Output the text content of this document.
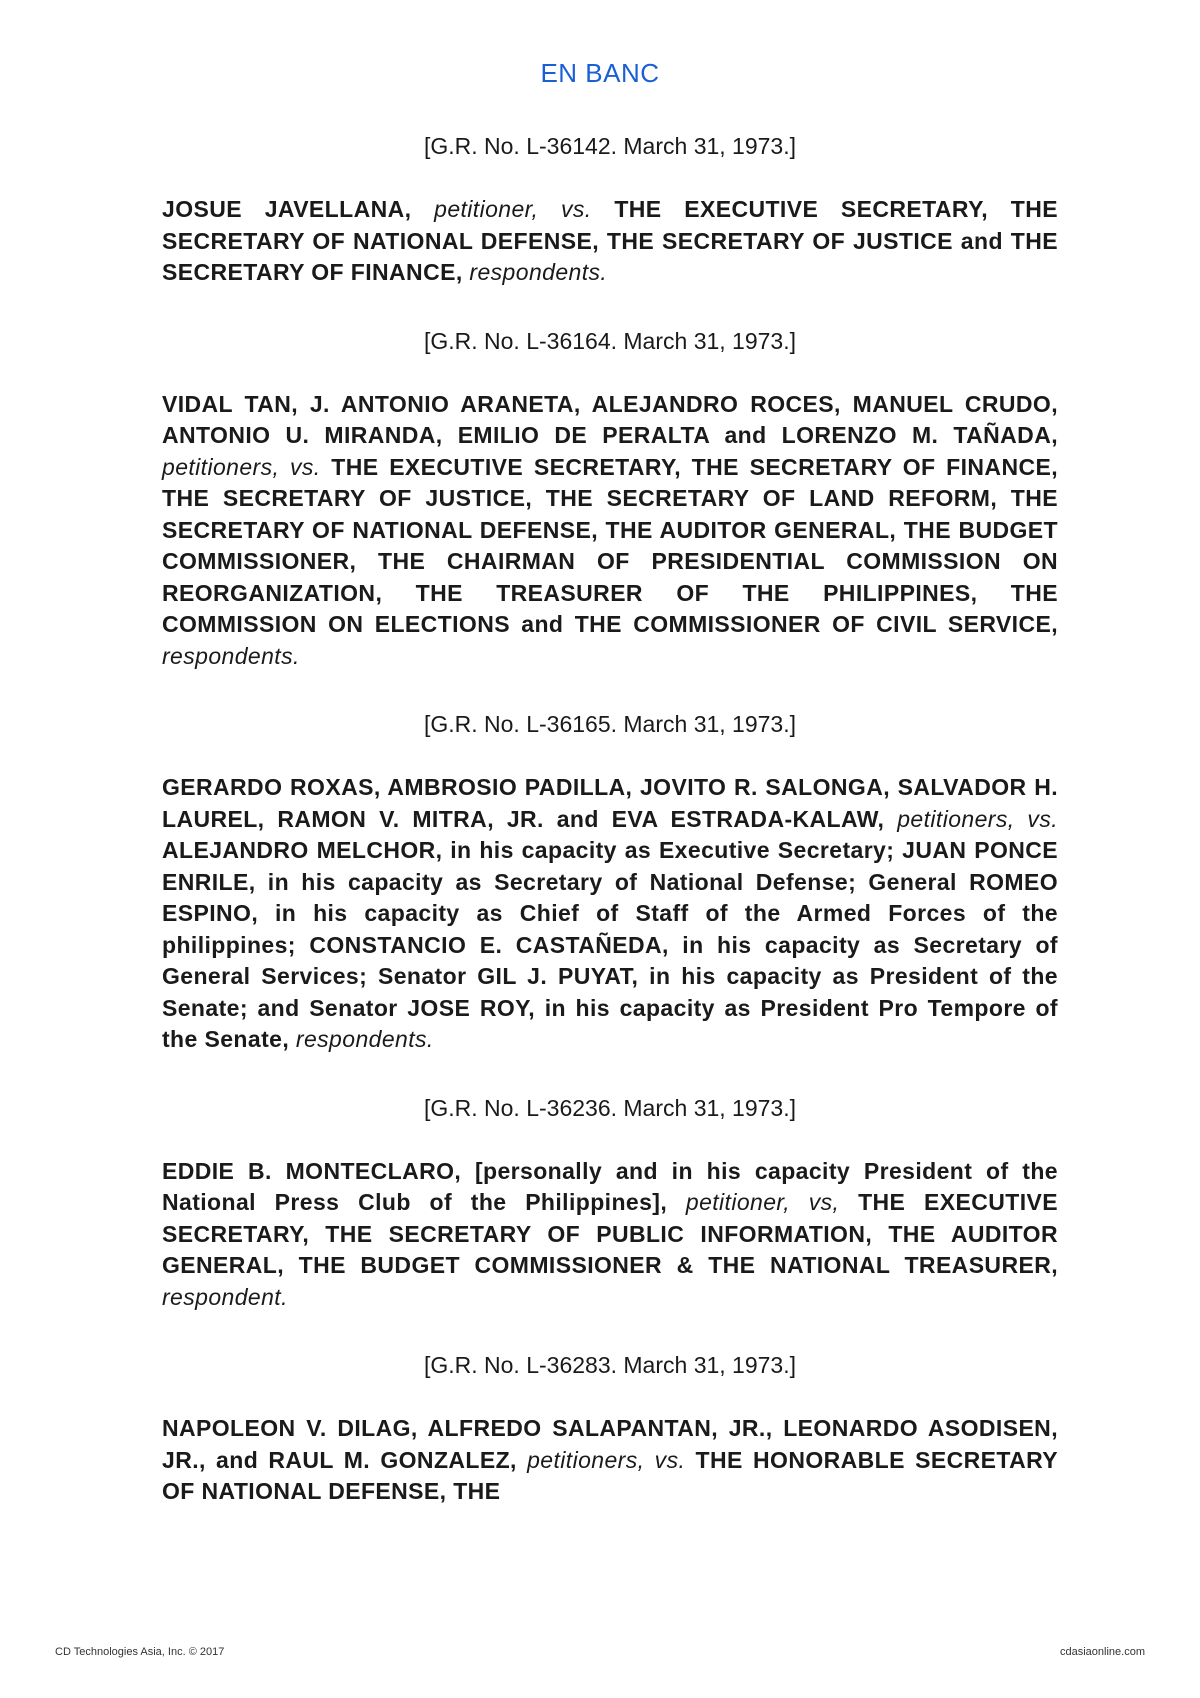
EN BANC
[G.R. No. L-36142. March 31, 1973.]
JOSUE JAVELLANA, petitioner, vs. THE EXECUTIVE SECRETARY, THE SECRETARY OF NATIONAL DEFENSE, THE SECRETARY OF JUSTICE and THE SECRETARY OF FINANCE, respondents.
[G.R. No. L-36164. March 31, 1973.]
VIDAL TAN, J. ANTONIO ARANETA, ALEJANDRO ROCES, MANUEL CRUDO, ANTONIO U. MIRANDA, EMILIO DE PERALTA and LORENZO M. TAÑADA, petitioners, vs. THE EXECUTIVE SECRETARY, THE SECRETARY OF FINANCE, THE SECRETARY OF JUSTICE, THE SECRETARY OF LAND REFORM, THE SECRETARY OF NATIONAL DEFENSE, THE AUDITOR GENERAL, THE BUDGET COMMISSIONER, THE CHAIRMAN OF PRESIDENTIAL COMMISSION ON REORGANIZATION, THE TREASURER OF THE PHILIPPINES, THE COMMISSION ON ELECTIONS and THE COMMISSIONER OF CIVIL SERVICE, respondents.
[G.R. No. L-36165. March 31, 1973.]
GERARDO ROXAS, AMBROSIO PADILLA, JOVITO R. SALONGA, SALVADOR H. LAUREL, RAMON V. MITRA, JR. and EVA ESTRADA-KALAW, petitioners, vs. ALEJANDRO MELCHOR, in his capacity as Executive Secretary; JUAN PONCE ENRILE, in his capacity as Secretary of National Defense; General ROMEO ESPINO, in his capacity as Chief of Staff of the Armed Forces of the philippines; CONSTANCIO E. CASTAÑEDA, in his capacity as Secretary of General Services; Senator GIL J. PUYAT, in his capacity as President of the Senate; and Senator JOSE ROY, in his capacity as President Pro Tempore of the Senate, respondents.
[G.R. No. L-36236. March 31, 1973.]
EDDIE B. MONTECLARO, [personally and in his capacity President of the National Press Club of the Philippines], petitioner, vs, THE EXECUTIVE SECRETARY, THE SECRETARY OF PUBLIC INFORMATION, THE AUDITOR GENERAL, THE BUDGET COMMISSIONER & THE NATIONAL TREASURER, respondent.
[G.R. No. L-36283. March 31, 1973.]
NAPOLEON V. DILAG, ALFREDO SALAPANTAN, JR., LEONARDO ASODISEN, JR., and RAUL M. GONZALEZ, petitioners, vs. THE HONORABLE SECRETARY OF NATIONAL DEFENSE, THE
CD Technologies Asia, Inc. © 2017	cdasiaonline.com
